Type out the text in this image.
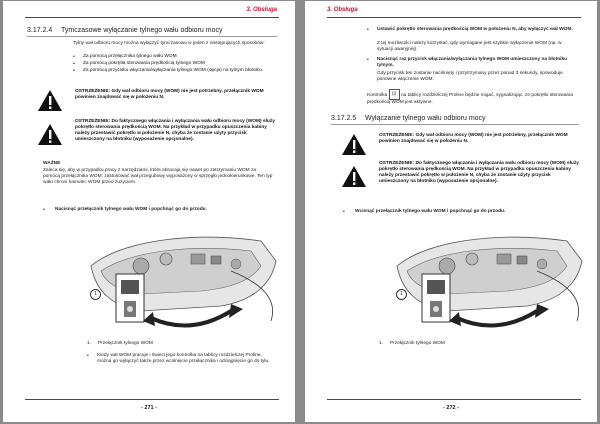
3. Obsługa
3.17.2.4 Tymczasowe wyłączanie tylnego wału odbioru mocy
Tylny wał odbioru mocy można wyłączyć tymczasowo w jeden z następujących sposobów:
• Za pomocą przełącznika tylnego wału WOM
• Za pomocą pokrętła sterowania prędkością tylnego WOM
• Za pomocą przycisku włączania/wyłączania tylnego WOM (opcja) na tylnym błotniku.
OSTRZEŻENIE: Gdy wał odbioru mocy (WOM) nie jest potrzebny, przełącznik WOM powinien znajdować się w położeniu N.
OSTRZEŻENIE: Do faktycznego włączania i wyłączania wału odbioru mocy (WOM) służy pokrętło sterowania prędkością WOM. Na przykład w przypadku opuszczenia kabiny należy przestawić pokrętło w położenie N, chyba że zostanie użyty przycisk umieszczony na błotniku (wyposażenie opcjonalne).
WAŻNE
Zaleca się, aby w przypadku pracy z narzędziami, które obracają się nawet po zatrzymaniu WOM za pomocą przełącznika WOM, zastosować wał przegubowy wyposażony w sprzęgło jednokierunkowe. Ten typ wału chroni hamulec WOM przed zużyciem.
• Nacisnąć przełącznik tylnego wału WOM i popchnąć go do przodu.
1
1. Przełącznik tylnego WOM
• Kiedy wał WOM pracuje i świeci jego kontrolka na tablicy rozdzielczej Proline, można go wyłączyć także przez wciśnięcie przełącznika i odciągnięcie go do tyłu.
- 271 -
3. Obsługa
• Ustawić pokrętło sterowania prędkością WOM w położeniu N, aby wyłączyć wał WOM.
Z tej możliwości należy korzystać, gdy wymagane jest szybkie wyłączenie WOM (np. w sytuacji awaryjnej).
• Nacisnąć raz przycisk włączania/wyłączania tylnego WOM umieszczony na błotniku tylnym.
Gdy przycisk ten zostanie naciśnięty i przytrzymany przez ponad 3 sekundy, spowoduje ponowne włączenie WOM.
Kontrolka ⊡ na tablicy rozdzielczej Proline będzie migać, sygnalizując, że pokrętło sterowania prędkością WOM jest aktywne.
3.17.2.5 Wyłączanie tylnego wału odbioru mocy
OSTRZEŻENIE: Gdy wał odbioru mocy (WOM) nie jest potrzebny, przełącznik WOM powinien znajdować się w położeniu N.
OSTRZEŻENIE: Do faktycznego włączania i wyłączania wału odbioru mocy (WOM) służy pokrętło sterowania prędkością WOM. Na przykład w przypadku opuszczenia kabiny należy przestawić pokrętło w położenie N, chyba że zostanie użyty przycisk umieszczony na błotniku (wyposażenie opcjonalne).
• Wcisnąć przełącznik tylnego wału WOM i popchnąć go do przodu.
1
1. Przełącznik tylnego WOM
- 272 -
